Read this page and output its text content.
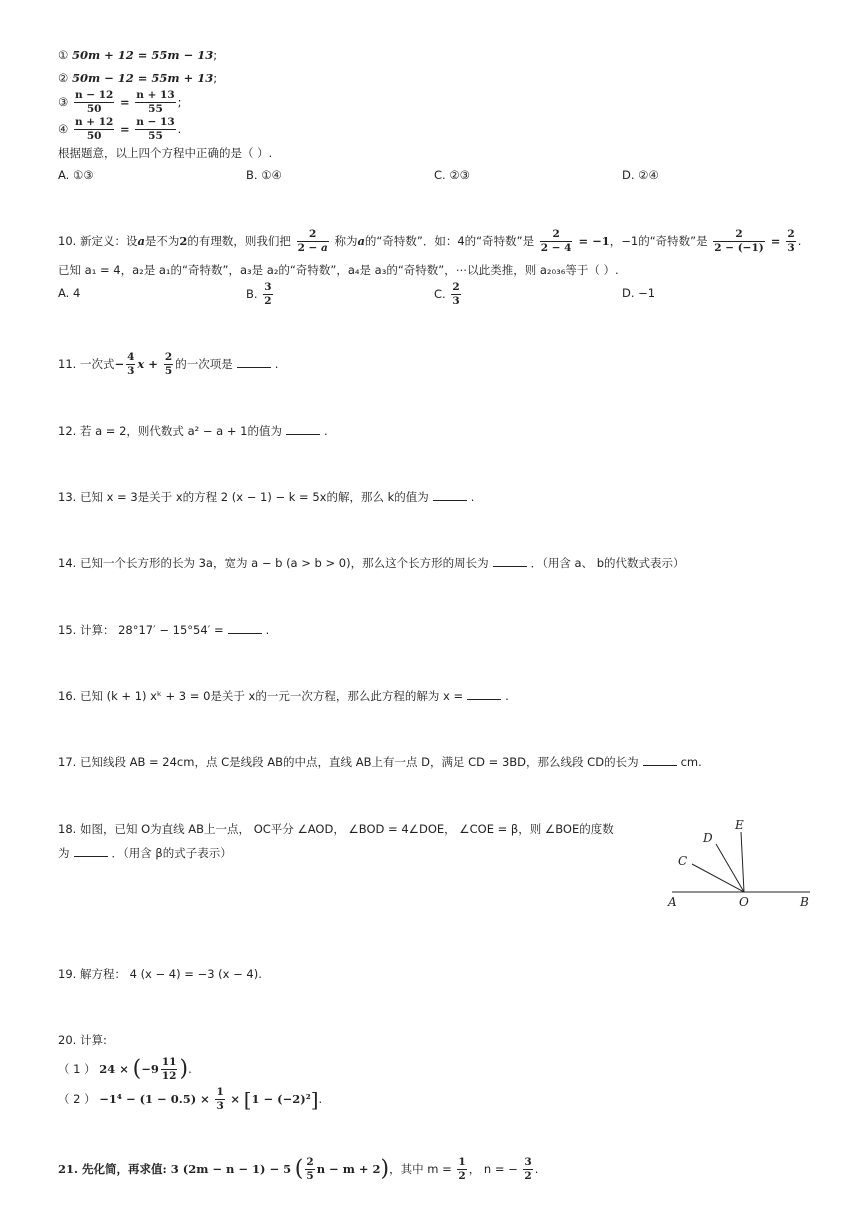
① 50m + 12 = 55m − 13;
② 50m − 12 = 55m + 13;
③ $\frac{n - 12}{50} = \frac{n + 13}{55}$ ;
④ $\frac{n + 12}{50} = \frac{n - 13}{55}$ .
根据题意，以上四个方程中正确的是（ ）.
A. ①③	B. ①④	C. ②③	D. ②④
10. 新定义：设a是不为2的有理数，则我们把 $\frac{2}{2 - a}$ 称为a的“奇特数”．如：4的“奇特数”是 $\frac{2}{2 - 4} = -1$，−1的“奇特数”是 $\frac{2}{2 - (-1)} = \frac{2}{3}$ .
已知 a₁ = 4，a₂是 a₁的“奇特数”，a₃是 a₂的“奇特数”，a₄是 a₃的“奇特数”，⋯以此类推，则 a₂₀₃₆等于（ ）.
A. 4	B. $\frac{3}{2}$	C. $\frac{2}{3}$	D. −1
11. 一次式− $\frac{4}{3}$ $x + \frac{2}{5}$ 的一次项是	.
12. 若 a = 2，则代数式 a² − a + 1的值为	.
13. 已知 x = 3是关于 x的方程 2 (x − 1) − k = 5x的解，那么 k的值为	.
14. 已知一个长方形的长为 3a，宽为 a − b (a > b > 0)，那么这个长方形的周长为	．（用含 a、 b的代数式表示）
15. 计算： 28°17′ − 15°54′ =	.
16. 已知 (k + 1) xᵏ + 3 = 0是关于 x的一元一次方程，那么此方程的解为 x =	.
17. 已知线段 AB = 24cm，点 C是线段 AB的中点，直线 AB上有一点 D，满足 CD = 3BD，那么线段 CD的长为	cm.
18. 如图，已知 O为直线 AB上一点， OC平分 ∠AOD， ∠BOD = 4∠DOE， ∠COE = β，则 ∠BOE的度数
为	．（用含 β的式子表示）
A	O	B
C
D
E
19. 解方程： 4 (x − 4) = −3 (x − 4).
20. 计算:
（ 1 ） $24 \times (-9 \frac{11}{12}$ ).
（ 2 ） $-1^4 - (1 - 0.5) \times \frac{1}{3} \times [1 - (-2)^2]$.
21. 先化简，再求值: 3 (2m − n − 1) − 5 ( $\frac{2}{5}$ n − m + 2)，其中 $m = \frac{1}{2}$ ， n = − $\frac{3}{2}$ .
